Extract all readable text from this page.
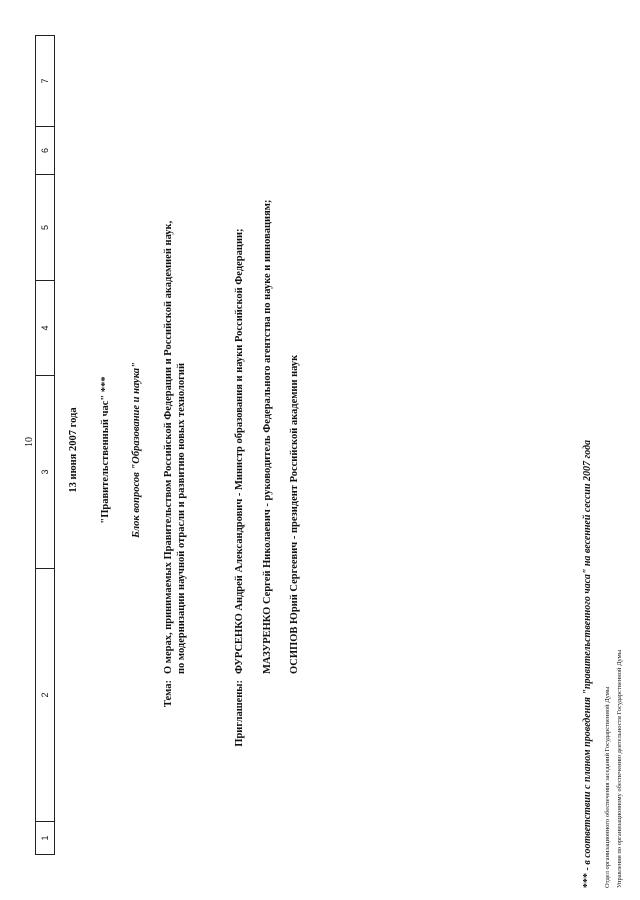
10
1
2
3
4
5
6
7
13 июня 2007 года "Правительственный час" *** Блок вопросов "Образование и наука"
Тема:
О мерах, принимаемых Правительством Российской Федерации и Российской академией наук, по модернизации научной отрасли и развитию новых технологий
Приглашены:
ФУРСЕНКО Андрей Александрович - Министр образования и науки Российской Федерации; МАЗУРЕНКО Сергей Николаевич - руководитель Федерального агентства по науке и инновациям; ОСИПОВ Юрий Сергеевич - президент Российской академии наук
*** - в соответствии с планом проведения "правительственного часа" на весенней сессии 2007 года Отдел организационного обеспечения заседаний Государственной Думы Управления по организационному обеспечению деятельности Государственной Думы
